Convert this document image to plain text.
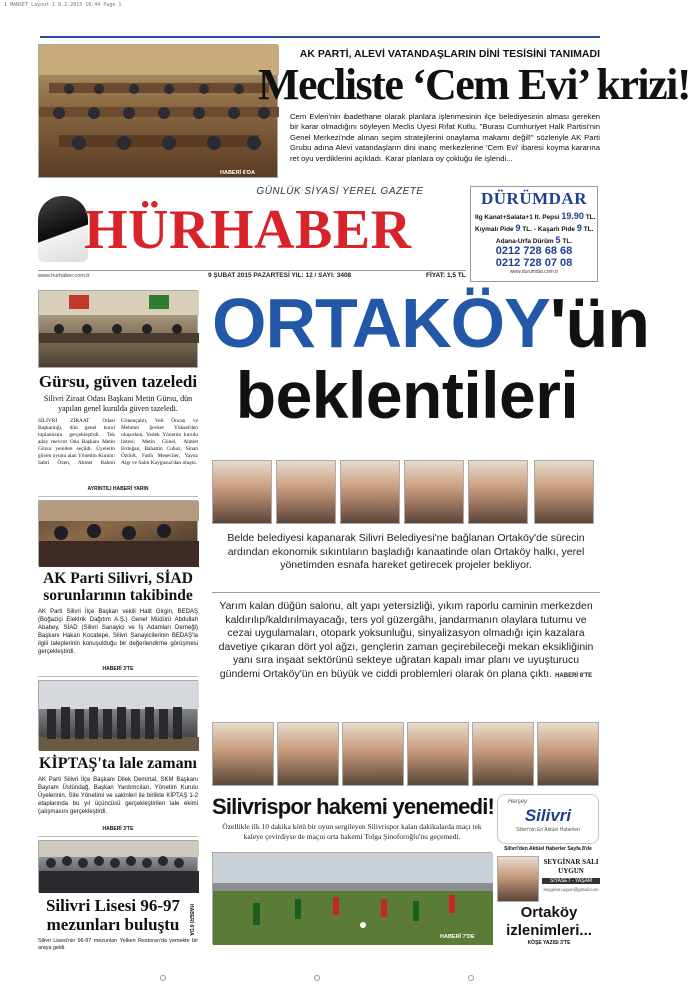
1 MANSET_Layout 1 8.2.2015 16:44 Page 1
HABERİ 6'DA
AK PARTİ, ALEVİ VATANDAŞLARIN DİNİ TESİSİNİ TANIMADI
Mecliste ‘Cem Evi’ krizi!
Cem Evleri'nin ibadethane olarak planlara işlenmesinin ilçe belediyesinin alması gereken bir karar olmadığını söyleyen Meclis Üyesi Rıfat Kutlu, "Burası Cumhuriyet Halk Partisi'nin Genel Merkezi'nde alınan seçim stratejilerini onaylama makamı değil!" sözleriyle AK Parti Grubu adına Alevi vatandaşların dini inanç merkezlerine 'Cem Evi' ibaresi koyma kararına ret oyu verdiklerini açıkladı. Karar planlara oy çokluğu ile işlendi...
GÜNLÜK SİYASİ YEREL GAZETE
HÜRHABER
www.hurhaber.com.tr	9 ŞUBAT 2015 PAZARTESİ YIL: 12 / SAYI: 3408	FİYAT: 1,5 TL
DÜRÜMDAR
Ilg Kanat+Salata+1 lt. Pepsi 19.90 TL.
Kıymalı Pide 9 TL. - Kaşarlı Pide 9 TL.
Adana-Urfa Dürüm 5 TL.
0212 728 68 68
0212 728 07 08
www.durumdar.com.tr
Gürsu, güven tazeledi
Silivri Ziraat Odası Başkanı Metin Gürsu, dün yapılan genel kurulda güven tazeledi.
SİLİVRİ ZİRAAT Odası Başkanlığı, dün genel kurul toplantısını gerçekleştirdi. Tek aday mevcut Oda Başkanı Metin Gürsu yeniden seçildi. Üyelerin güven oyunu alan Yönetim Kurulu: Sabri Özen, Ahmet Rahmi Gönençalılı, Veli Öncan ve Mehmet Şevket Yüksel'den oluşurken, Yedek Yönetim kurulu listesi; Metin Günel, Ahmet Erdoğan, Bahattin Cubuz, Sinan Öztürk, Fatih Meşeciler, Yavuz Algı ve Saim Kaygusuz'dan oluştu.
AYRINTILI HABERİ YARIN
AK Parti Silivri, SİAD sorunlarının takibinde
AK Parti Silivri İlçe Başkan vekili Halit Girgin, BEDAŞ (Boğaziçi Elektrik Dağıtım A.Ş.) Genel Müdürü Abdullah Ababey, SİAD (Silivri Sanayici ve İş Adamları Derneği) Başkanı Hakan Kocatepe, Silivri Sanayicilerinin BEDAŞ'la ilgili taleplerinin konuşulduğu bir değerlendirme görüşmesi gerçekleştirdi.
HABERİ 3'TE
KİPTAŞ'ta lale zamanı
AK Parti Silivri İlçe Başkanı Dilek Demirtal, SKM Başkanı Bayram Üstündağ, Başkan Yardımcıları, Yönetim Kurulu Üyelerinin, Site Yönetimi ve sakinleri ile birlikte KİPTAŞ 1-2 etaplarında bu yıl üçüncüsü gerçekleştirilen lale ekimi çalışmasını gerçekleştirdi.
HABERİ 3'TE
Silivri Lisesi 96-97 mezunları buluştu	HABERİ 6'DA
Silivri Lisesi'nin 96-97 mezunları Yelken Restoran'da yemekte bir araya geldi.
ORTAKÖY'ün
beklentileri
Belde belediyesi kapanarak Silivri Belediyesi'ne bağlanan Ortaköy'de sürecin ardından ekonomik sıkıntıların başladığı kanaatinde olan Ortaköy halkı, yerel yönetimden esnafa hareket getirecek projeler bekliyor.
Yarım kalan düğün salonu, alt yapı yetersizliği, yıkım raporlu caminin merkezden kaldırılıp/kaldırılmayacağı, ters yol güzergâhı, jandarmanın olaylara tutumu ve cezai uygulamaları, otopark yoksunluğu, sinyalizasyon olmadığı için kazalara davetiye çıkaran dört yol ağzı, gençlerin zaman geçirebileceği mekan eksikliğinin yanı sıra inşaat sektörünü sekteye uğratan kapalı imar planı ve uyuşturucu gündemi Ortaköy'ün en büyük ve ciddi problemleri olarak ön plana çıktı. HABERİ 8'TE
Silivrispor hakemi yenemedi!
Özellikle ilk 10 dakika kötü bir oyun sergileyen Silivrispor kalan dakikalarda maçı tek kaleye çevirdiyse de maçın orta hakemi Tolga Şinoforoğlu'nu geçemedi.
HABERİ 7'DE
Herşey
Silivri
Silivri'nin En Aktüel Haberleri
Silivri'den Aktüel Haberler Sayfa 8'de
SEYGİNAR SALI UYGUN
SİYASET - YAŞAM
seyginar.uygun@gmail.com
Ortaköy izlenimleri...
KÖŞE YAZISI 3'TE
